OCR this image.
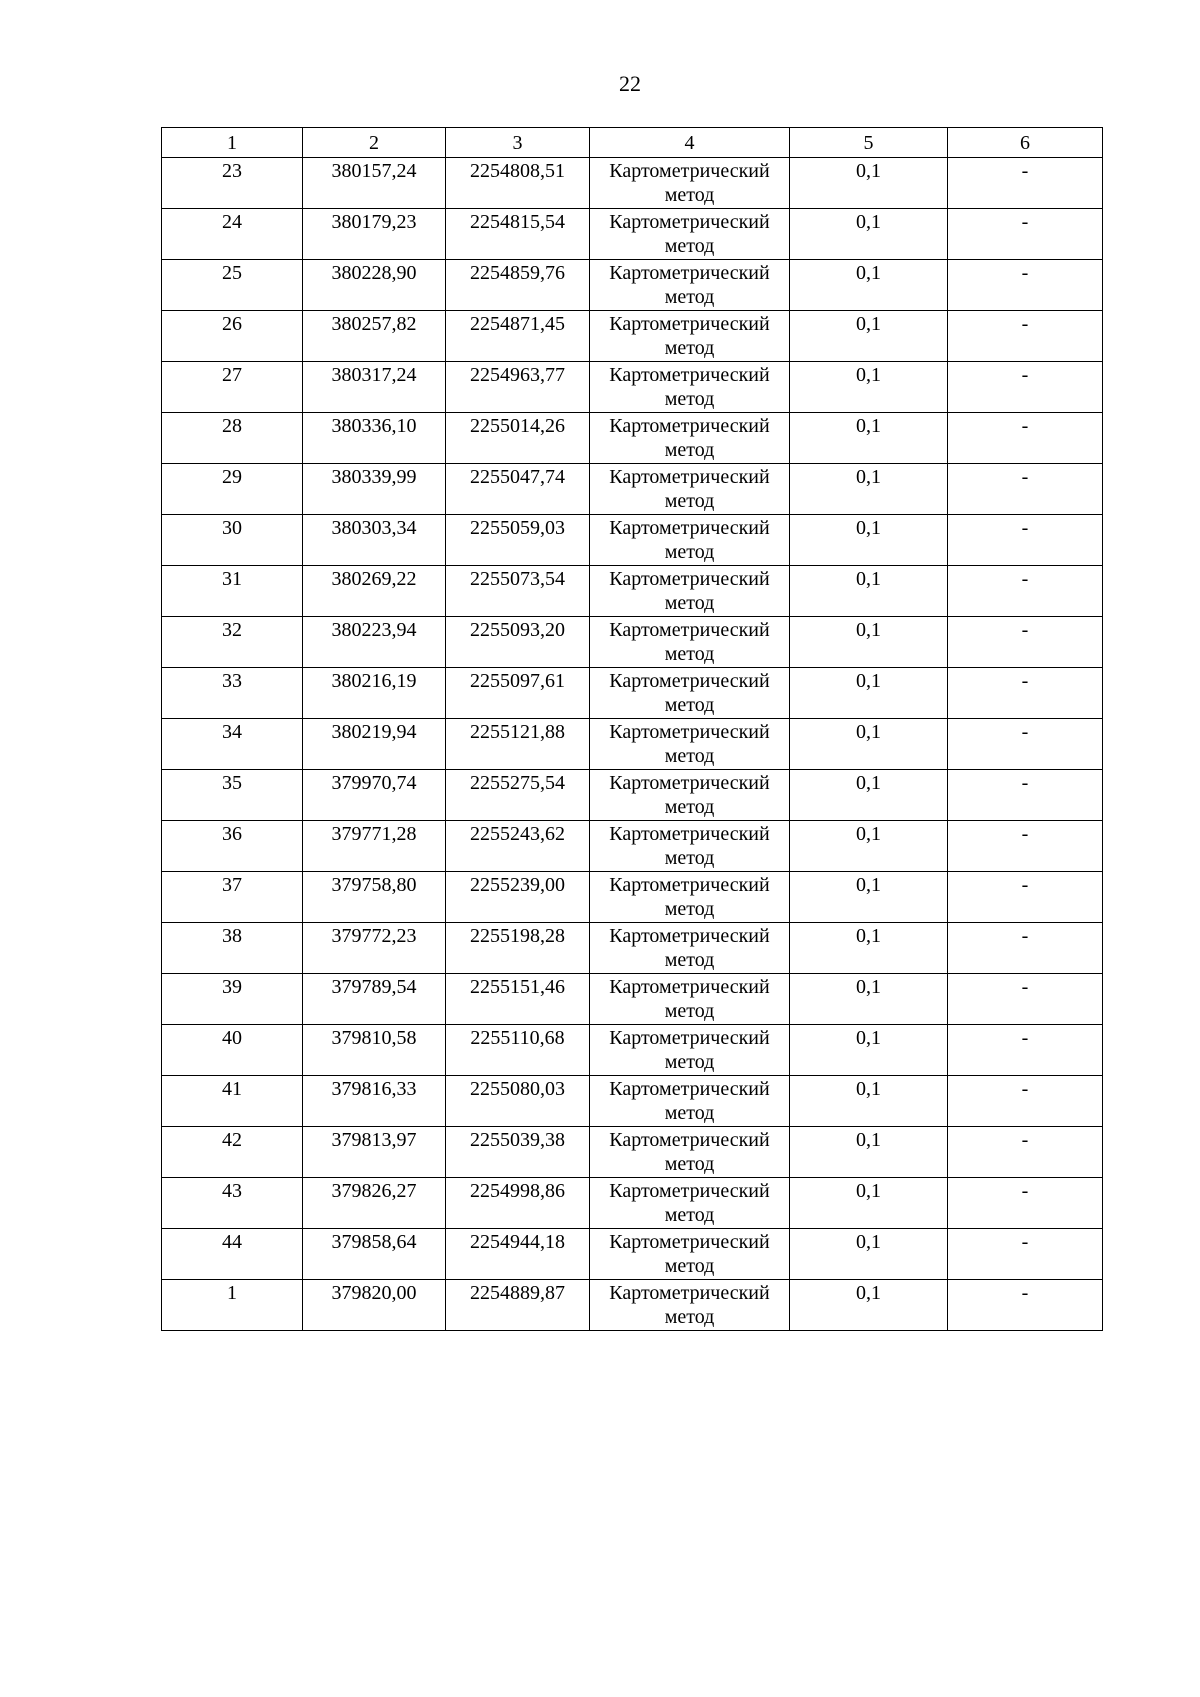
22
1	2	3	4	5	6
23	380157,24	2254808,51	Картометрический
метод	0,1	-
24	380179,23	2254815,54	Картометрический
метод	0,1	-
25	380228,90	2254859,76	Картометрический
метод	0,1	-
26	380257,82	2254871,45	Картометрический
метод	0,1	-
27	380317,24	2254963,77	Картометрический
метод	0,1	-
28	380336,10	2255014,26	Картометрический
метод	0,1	-
29	380339,99	2255047,74	Картометрический
метод	0,1	-
30	380303,34	2255059,03	Картометрический
метод	0,1	-
31	380269,22	2255073,54	Картометрический
метод	0,1	-
32	380223,94	2255093,20	Картометрический
метод	0,1	-
33	380216,19	2255097,61	Картометрический
метод	0,1	-
34	380219,94	2255121,88	Картометрический
метод	0,1	-
35	379970,74	2255275,54	Картометрический
метод	0,1	-
36	379771,28	2255243,62	Картометрический
метод	0,1	-
37	379758,80	2255239,00	Картометрический
метод	0,1	-
38	379772,23	2255198,28	Картометрический
метод	0,1	-
39	379789,54	2255151,46	Картометрический
метод	0,1	-
40	379810,58	2255110,68	Картометрический
метод	0,1	-
41	379816,33	2255080,03	Картометрический
метод	0,1	-
42	379813,97	2255039,38	Картометрический
метод	0,1	-
43	379826,27	2254998,86	Картометрический
метод	0,1	-
44	379858,64	2254944,18	Картометрический
метод	0,1	-
1	379820,00	2254889,87	Картометрический
метод	0,1	-
